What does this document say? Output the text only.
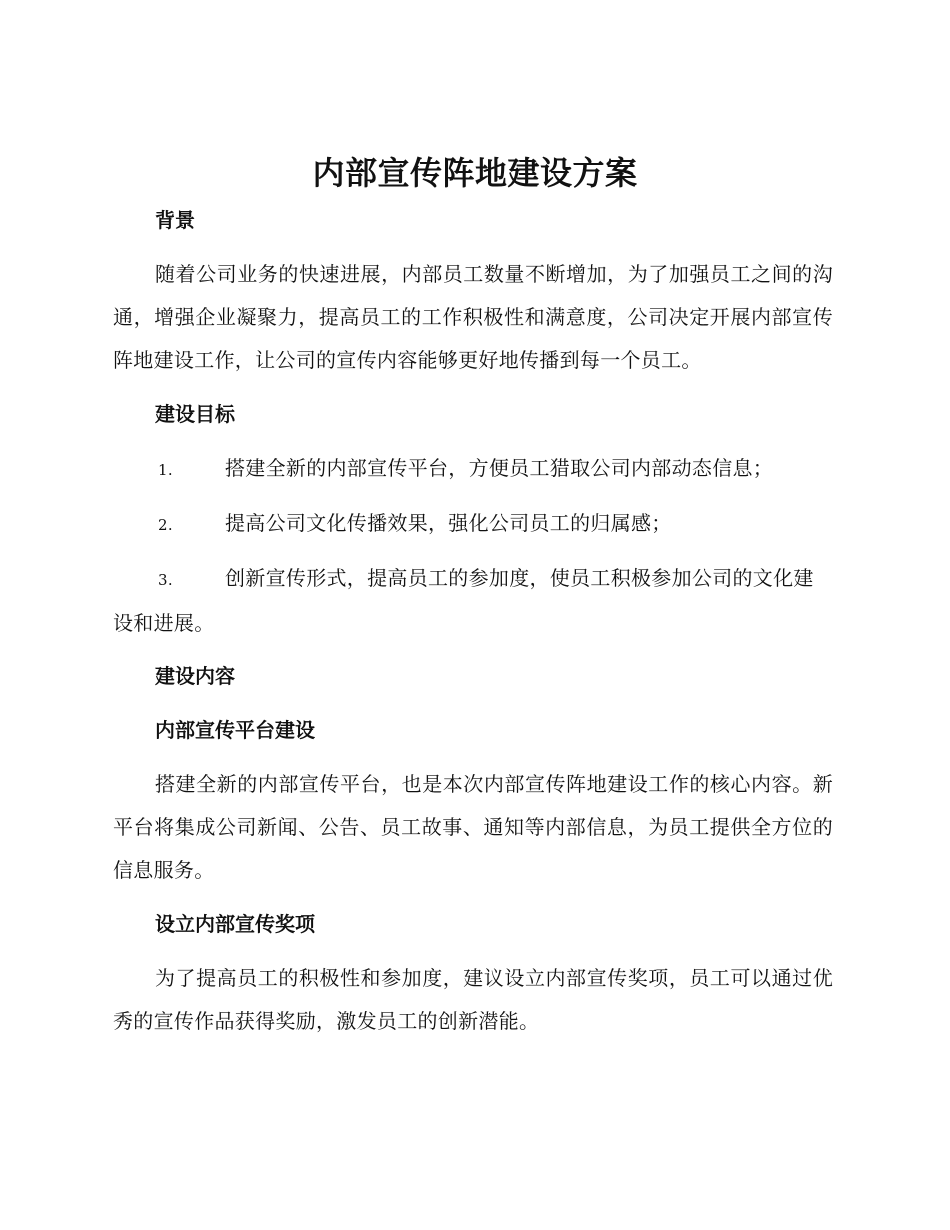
内部宣传阵地建设方案
背景

随着公司业务的快速进展，内部员工数量不断增加，为了加强员工之间的沟通，增强企业凝聚力，提高员工的工作积极性和满意度，公司决定开展内部宣传阵地建设工作，让公司的宣传内容能够更好地传播到每一个员工。

建设目标

1.	搭建全新的内部宣传平台，方便员工猎取公司内部动态信息；

2.	提高公司文化传播效果，强化公司员工的归属感；

3.	创新宣传形式，提高员工的参加度，使员工积极参加公司的文化建设和进展。

建设内容
内部宣传平台建设

搭建全新的内部宣传平台，也是本次内部宣传阵地建设工作的核心内容。新平台将集成公司新闻、公告、员工故事、通知等内部信息，为员工提供全方位的信息服务。

设立内部宣传奖项

为了提高员工的积极性和参加度，建议设立内部宣传奖项，员工可以通过优秀的宣传作品获得奖励，激发员工的创新潜能。
